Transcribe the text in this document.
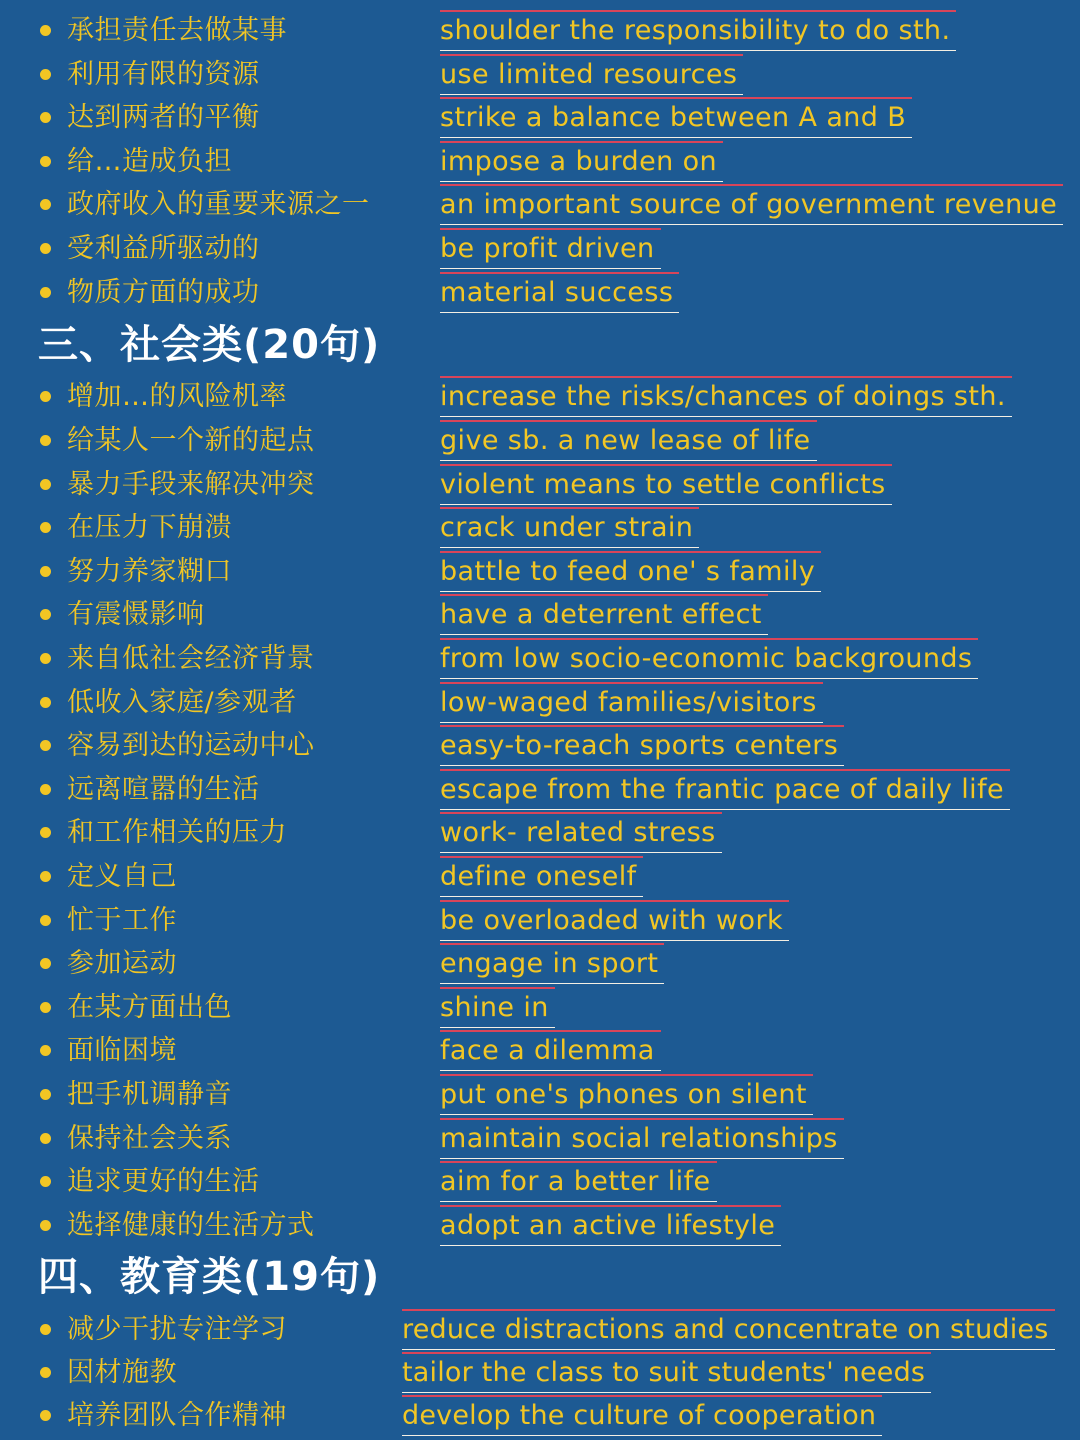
承担责任去做某事	shoulder the responsibility to do sth.
利用有限的资源	use limited resources
达到两者的平衡	strike a balance between A and B
给…造成负担	impose a burden on
政府收入的重要来源之一	an important source of government revenue
受利益所驱动的	be profit driven
物质方面的成功	material success
三、社会类(20句)
增加…的风险机率	increase the risks/chances of doings sth.
给某人一个新的起点	give sb. a new lease of life
暴力手段来解决冲突	violent means to settle conflicts
在压力下崩溃	crack under strain
努力养家糊口	battle to feed one' s family
有震慑影响	have a deterrent effect
来自低社会经济背景	from low socio-economic backgrounds
低收入家庭/参观者	low-waged families/visitors
容易到达的运动中心	easy-to-reach sports centers
远离喧嚣的生活	escape from the frantic pace of daily life
和工作相关的压力	work- related stress
定义自己	define oneself
忙于工作	be overloaded with work
参加运动	engage in sport
在某方面出色	shine in
面临困境	face a dilemma
把手机调静音	put one's phones on silent
保持社会关系	maintain social relationships
追求更好的生活	aim for a better life
选择健康的生活方式	adopt an active lifestyle
四、教育类(19句)
减少干扰专注学习	reduce distractions and concentrate on studies
因材施教	tailor the class to suit students' needs
培养团队合作精神	develop the culture of cooperation
